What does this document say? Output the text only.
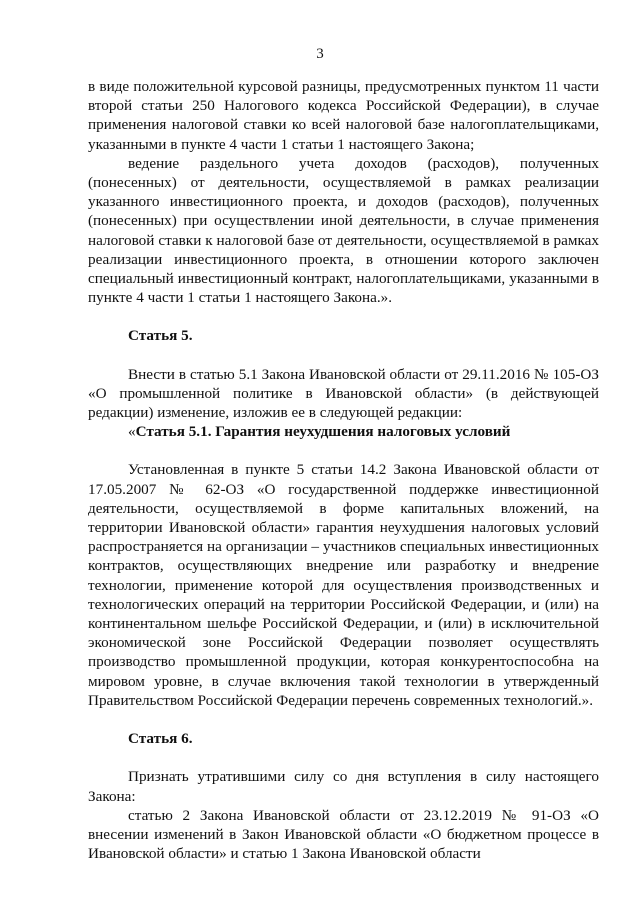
3

в виде положительной курсовой разницы, предусмотренных пунктом 11 части второй статьи 250 Налогового кодекса Российской Федерации), в случае применения налоговой ставки ко всей налоговой базе налогоплательщиками, указанными в пункте 4 части 1 статьи 1 настоящего Закона;

ведение раздельного учета доходов (расходов), полученных (понесенных) от деятельности, осуществляемой в рамках реализации указанного инвестиционного проекта, и доходов (расходов), полученных (понесенных) при осуществлении иной деятельности, в случае применения налоговой ставки к налоговой базе от деятельности, осуществляемой в рамках реализации инвестиционного проекта, в отношении которого заключен специальный инвестиционный контракт, налогоплательщиками, указанными в пункте 4 части 1 статьи 1 настоящего Закона.».

Статья 5.

Внести в статью 5.1 Закона Ивановской области от 29.11.2016 № 105-ОЗ «О промышленной политике в Ивановской области» (в действующей редакции) изменение, изложив ее в следующей редакции:

«Статья 5.1. Гарантия неухудшения налоговых условий

Установленная в пункте 5 статьи 14.2 Закона Ивановской области от 17.05.2007 № 62-ОЗ «О государственной поддержке инвестиционной деятельности, осуществляемой в форме капитальных вложений, на территории Ивановской области» гарантия неухудшения налоговых условий распространяется на организации – участников специальных инвестиционных контрактов, осуществляющих внедрение или разработку и внедрение технологии, применение которой для осуществления производственных и технологических операций на территории Российской Федерации, и (или) на континентальном шельфе Российской Федерации, и (или) в исключительной экономической зоне Российской Федерации позволяет осуществлять производство промышленной продукции, которая конкурентоспособна на мировом уровне, в случае включения такой технологии в утвержденный Правительством Российской Федерации перечень современных технологий.».

Статья 6.

Признать утратившими силу со дня вступления в силу настоящего Закона:

статью 2 Закона Ивановской области от 23.12.2019 № 91-ОЗ «О внесении изменений в Закон Ивановской области «О бюджетном процессе в Ивановской области» и статью 1 Закона Ивановской области
